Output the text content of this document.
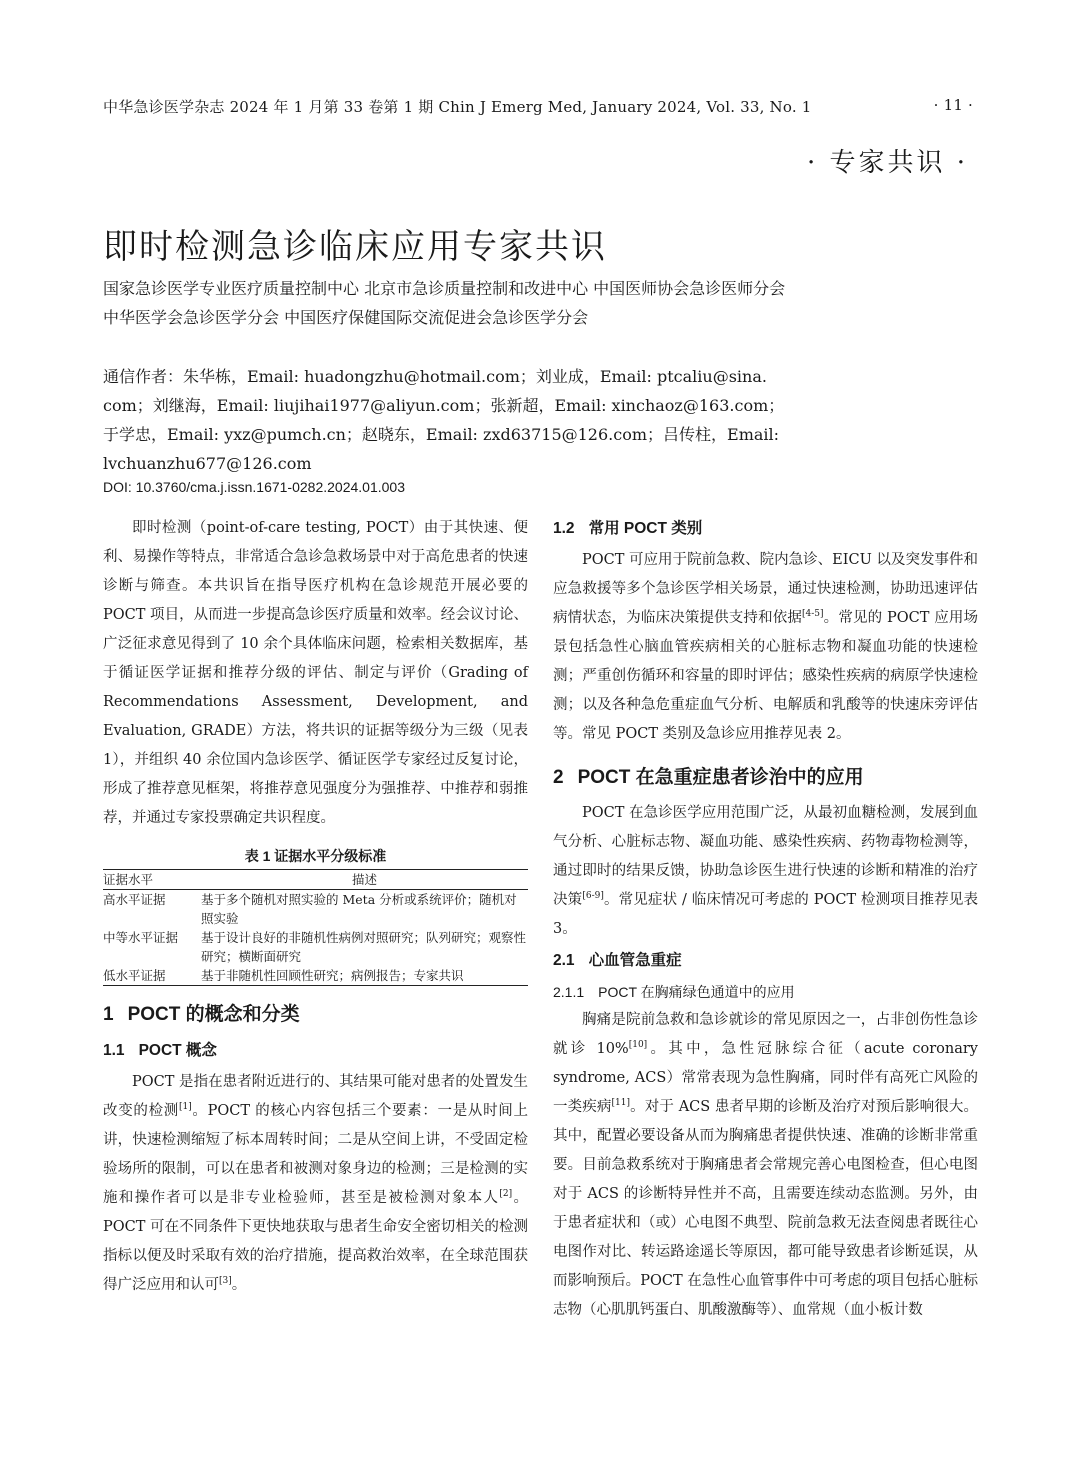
中华急诊医学杂志 2024 年 1 月第 33 卷第 1 期 Chin J Emerg Med, January 2024, Vol. 33, No. 1	· 11 ·
· 专家共识 ·
即时检测急诊临床应用专家共识
国家急诊医学专业医疗质量控制中心 北京市急诊质量控制和改进中心 中国医师协会急诊医师分会 中华医学会急诊医学分会 中国医疗保健国际交流促进会急诊医学分会

通信作者：朱华栋，Email: huadongzhu@hotmail.com；刘业成，Email: ptcaliu@sina.

com；刘继海，Email: liujihai1977@aliyun.com；张新超，Email: xinchaoz@163.com；

于学忠，Email: yxz@pumch.cn；赵晓东，Email: zxd63715@126.com；吕传柱，Email:

lvchuanzhu677@126.com

DOI: 10.3760/cma.j.issn.1671-0282.2024.01.003

即时检测（point-of-care testing, POCT）由于其快速、便利、易操作等特点，非常适合急诊急救场景中对于高危患者的快速诊断与筛查。本共识旨在指导医疗机构在急诊规范开展必要的 POCT 项目，从而进一步提高急诊医疗质量和效率。经会议讨论、广泛征求意见得到了 10 余个具体临床问题，检索相关数据库，基于循证医学证据和推荐分级的评估、制定与评价（Grading of Recommendations Assessment, Development, and Evaluation, GRADE）方法，将共识的证据等级分为三级（见表 1），并组织 40 余位国内急诊医学、循证医学专家经过反复讨论，形成了推荐意见框架，将推荐意见强度分为强推荐、中推荐和弱推荐，并通过专家投票确定共识程度。

表 1 证据水平分级标准
证据水平	描述
高水平证据	基于多个随机对照实验的 Meta 分析或系统评价；随机对照实验
中等水平证据	基于设计良好的非随机性病例对照研究；队列研究；观察性研究；横断面研究
低水平证据	基于非随机性回顾性研究；病例报告；专家共识
1 POCT 的概念和分类
1.1 POCT 概念

POCT 是指在患者附近进行的、其结果可能对患者的处置发生改变的检测[1]。POCT 的核心内容包括三个要素：一是从时间上讲，快速检测缩短了标本周转时间；二是从空间上讲，不受固定检验场所的限制，可以在患者和被测对象身边的检测；三是检测的实施和操作者可以是非专业检验师，甚至是被检测对象本人[2]。POCT 可在不同条件下更快地获取与患者生命安全密切相关的检测指标以便及时采取有效的治疗措施，提高救治效率，在全球范围获得广泛应用和认可[3]。

1.2 常用 POCT 类别

POCT 可应用于院前急救、院内急诊、EICU 以及突发事件和应急救援等多个急诊医学相关场景，通过快速检测，协助迅速评估病情状态，为临床决策提供支持和依据[4-5]。常见的 POCT 应用场景包括急性心脑血管疾病相关的心脏标志物和凝血功能的快速检测；严重创伤循环和容量的即时评估；感染性疾病的病原学快速检测；以及各种急危重症血气分析、电解质和乳酸等的快速床旁评估等。常见 POCT 类别及急诊应用推荐见表 2。

2 POCT 在急重症患者诊治中的应用

POCT 在急诊医学应用范围广泛，从最初血糖检测，发展到血气分析、心脏标志物、凝血功能、感染性疾病、药物毒物检测等，通过即时的结果反馈，协助急诊医生进行快速的诊断和精准的治疗决策[6-9]。常见症状 / 临床情况可考虑的 POCT 检测项目推荐见表 3。

2.1 心血管急重症
2.1.1 POCT 在胸痛绿色通道中的应用

胸痛是院前急救和急诊就诊的常见原因之一，占非创伤性急诊就诊 10%[10]。其中，急性冠脉综合征（acute coronary syndrome, ACS）常常表现为急性胸痛，同时伴有高死亡风险的一类疾病[11]。对于 ACS 患者早期的诊断及治疗对预后影响很大。其中，配置必要设备从而为胸痛患者提供快速、准确的诊断非常重要。目前急救系统对于胸痛患者会常规完善心电图检查，但心电图对于 ACS 的诊断特异性并不高，且需要连续动态监测。另外，由于患者症状和（或）心电图不典型、院前急救无法查阅患者既往心电图作对比、转运路途遥长等原因，都可能导致患者诊断延误，从而影响预后。POCT 在急性心血管事件中可考虑的项目包括心脏标志物（心肌肌钙蛋白、肌酸激酶等）、血常规（血小板计数
